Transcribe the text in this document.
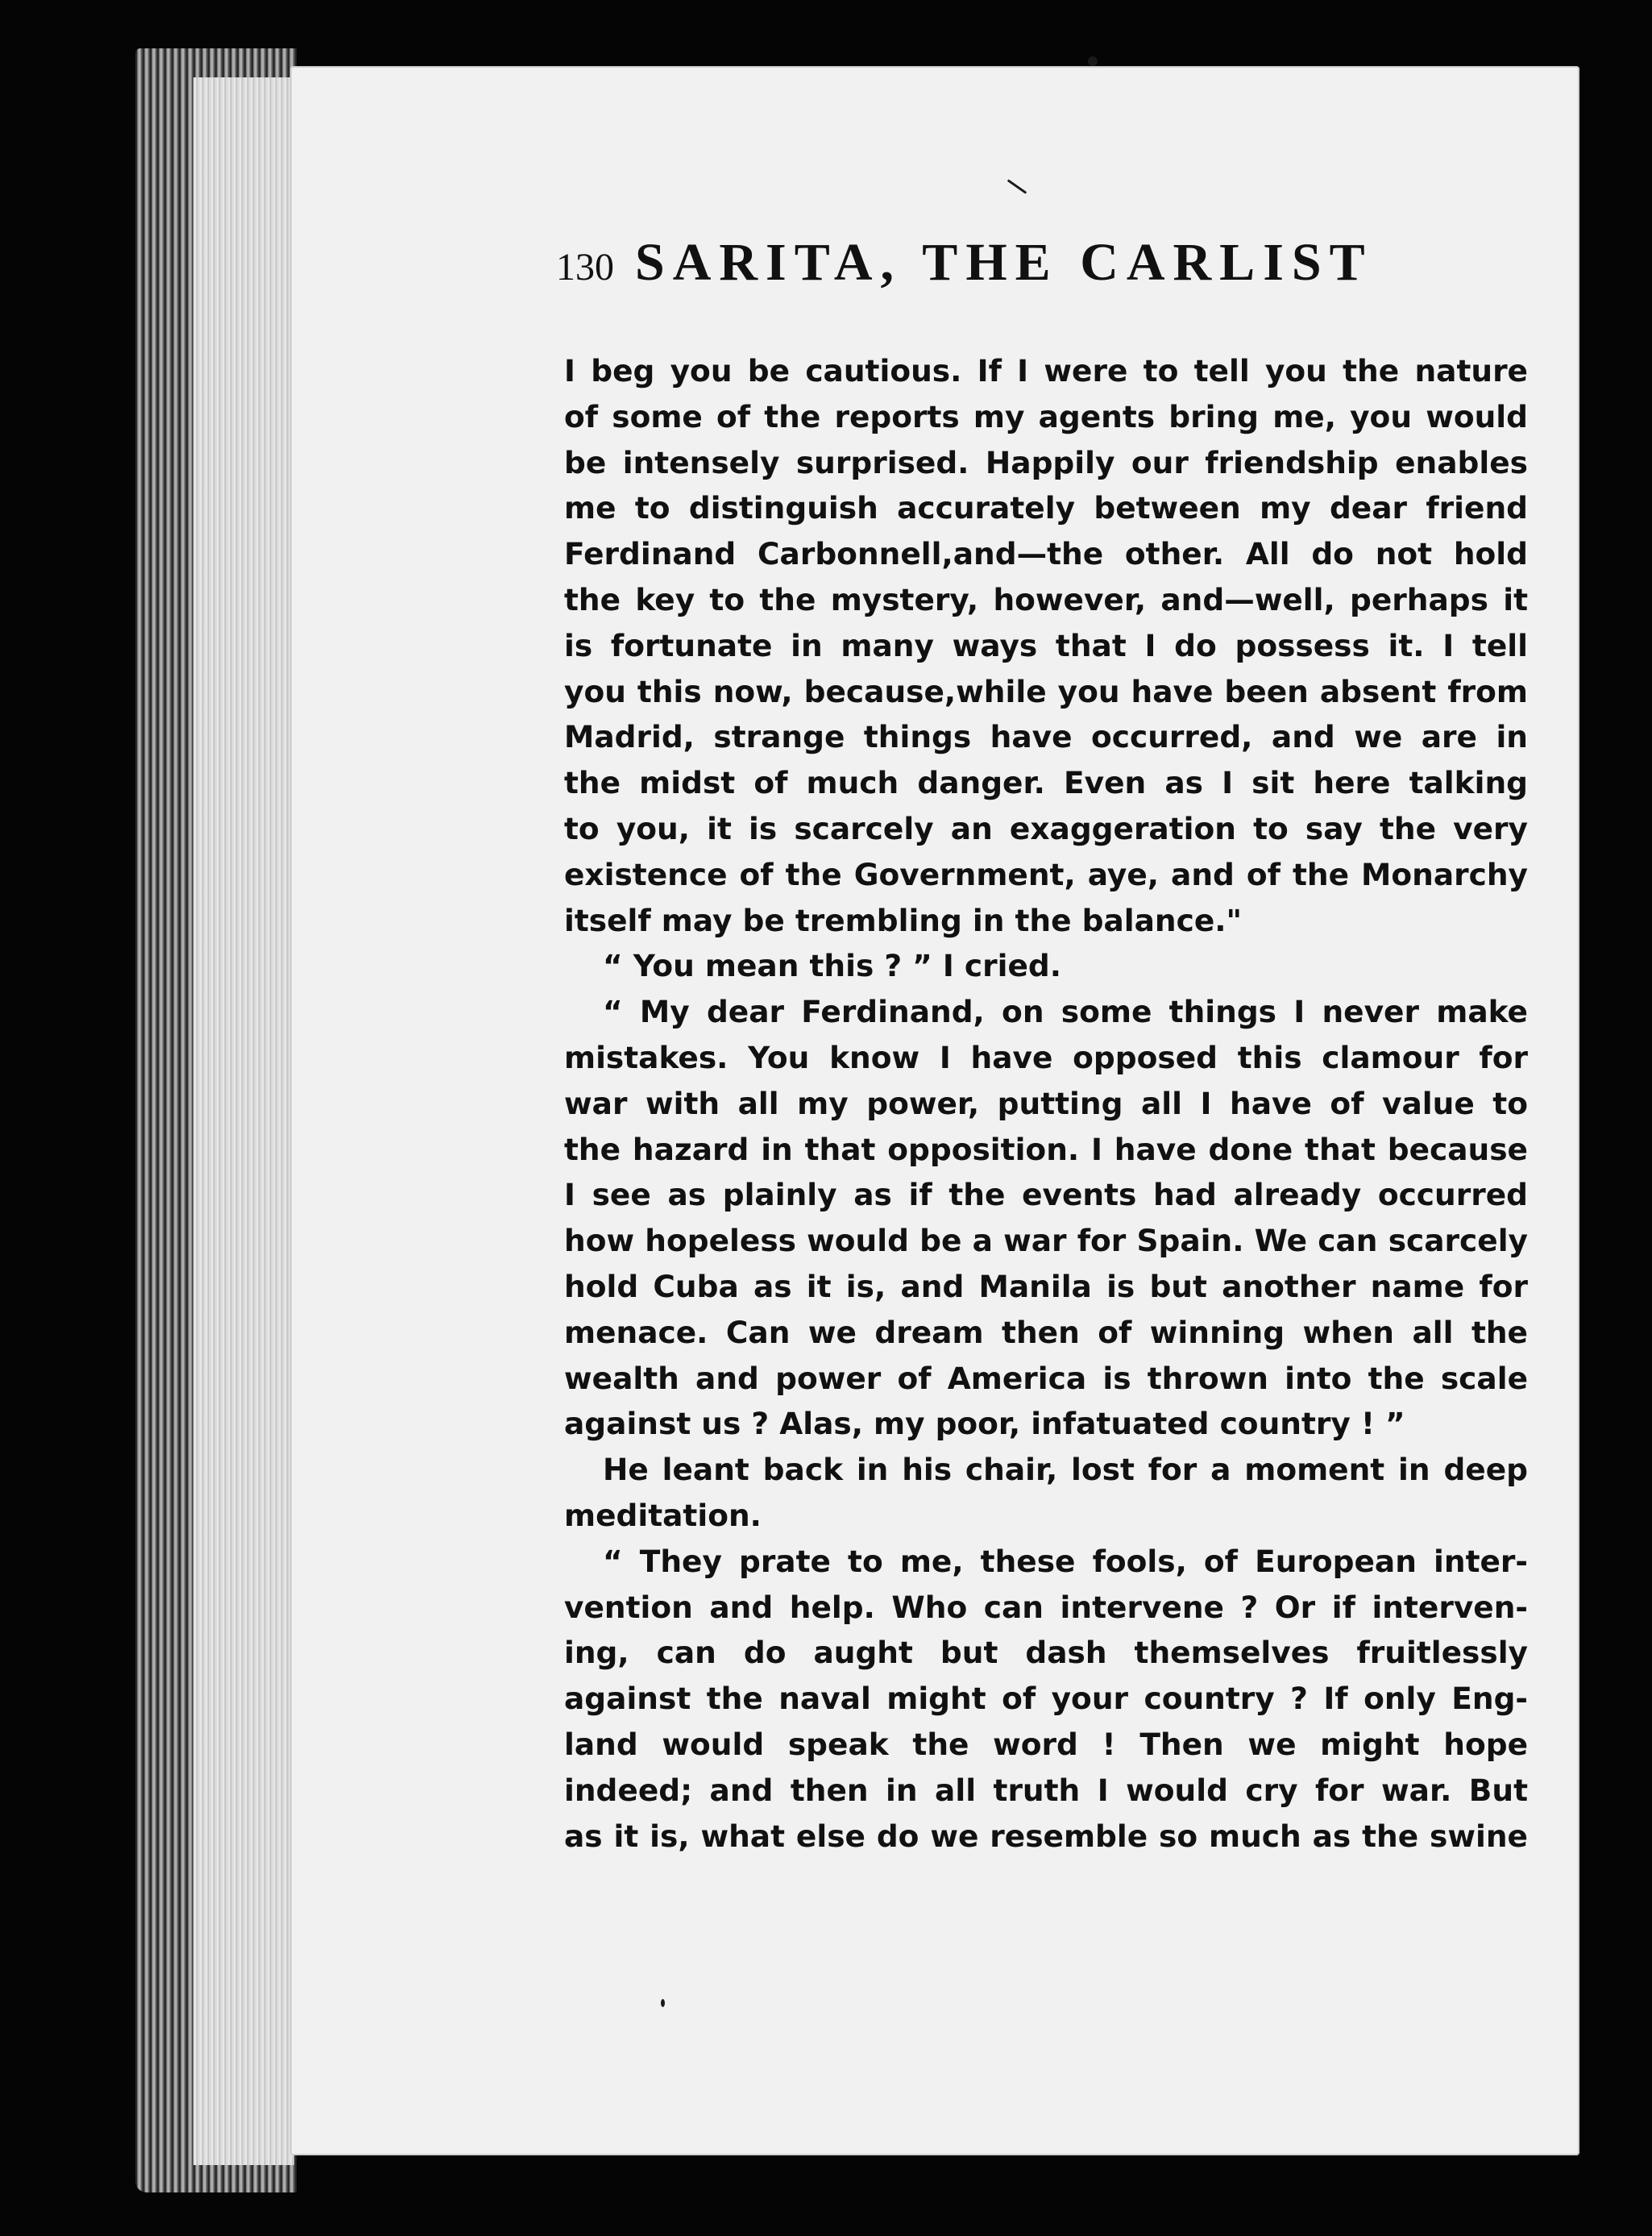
130 SARITA, THE CARLIST
I beg you be cautious. If I were to tell you the nature
of some of the reports my agents bring me, you would
be intensely surprised. Happily our friendship enables
me to distinguish accurately between my dear friend
Ferdinand Carbonnell,and—the other. All do not hold
the key to the mystery, however, and—well, perhaps it
is fortunate in many ways that I do possess it. I tell
you this now, because,while you have been absent from
Madrid, strange things have occurred, and we are in
the midst of much danger. Even as I sit here talking
to you, it is scarcely an exaggeration to say the very
existence of the Government, aye, and of the Monarchy
itself may be trembling in the balance."
“ You mean this ? ” I cried.
“ My dear Ferdinand, on some things I never make
mistakes. You know I have opposed this clamour for
war with all my power, putting all I have of value to
the hazard in that opposition. I have done that because
I see as plainly as if the events had already occurred
how hopeless would be a war for Spain. We can scarcely
hold Cuba as it is, and Manila is but another name for
menace. Can we dream then of winning when all the
wealth and power of America is thrown into the scale
against us ? Alas, my poor, infatuated country ! ”
He leant back in his chair, lost for a moment in deep
meditation.
“ They prate to me, these fools, of European inter-
vention and help. Who can intervene ? Or if interven-
ing, can do aught but dash themselves fruitlessly
against the naval might of your country ? If only Eng-
land would speak the word ! Then we might hope
indeed; and then in all truth I would cry for war. But
as it is, what else do we resemble so much as the swine
